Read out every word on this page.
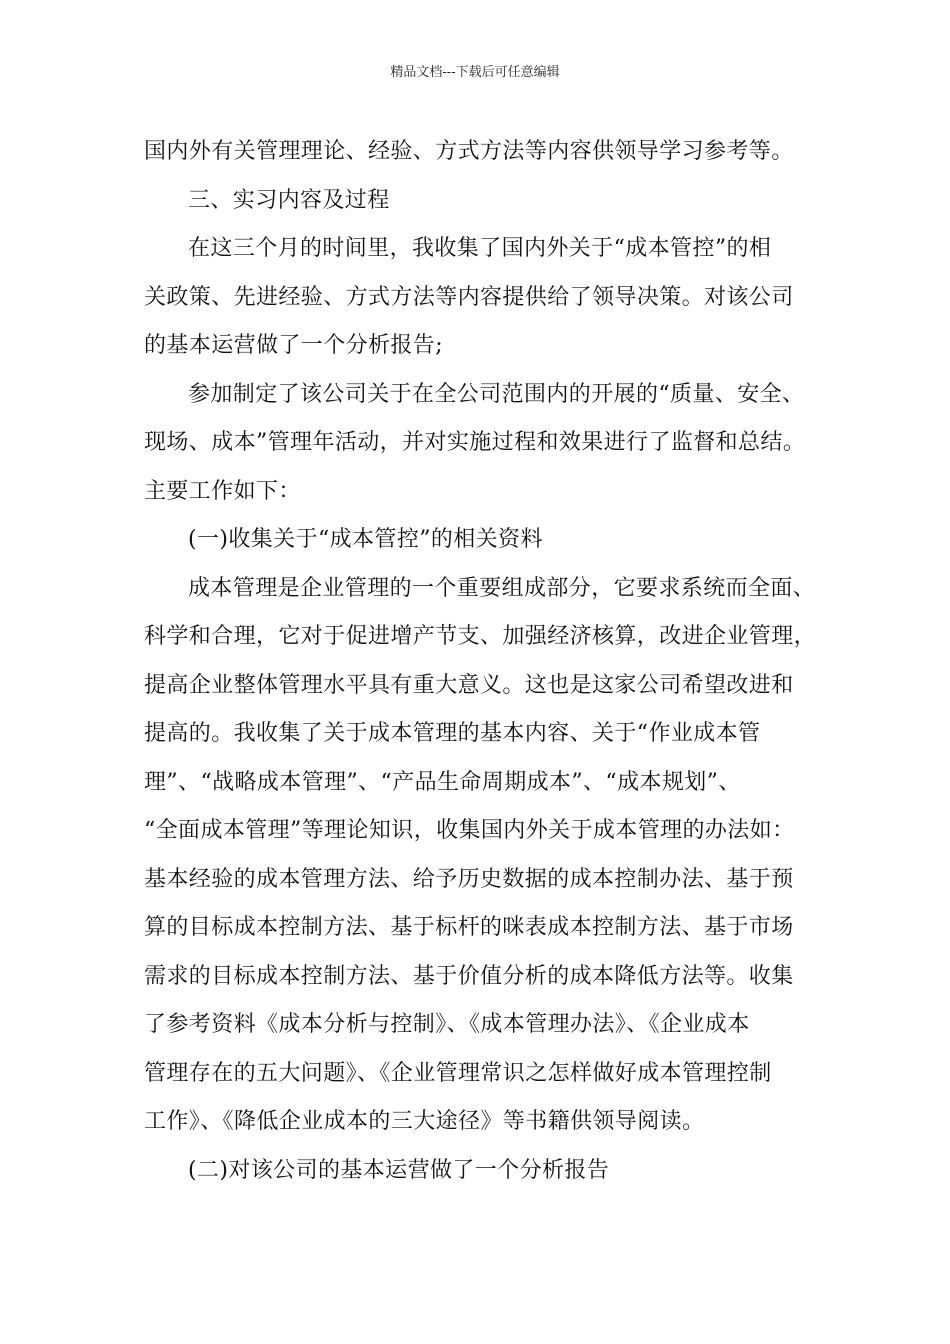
精品文档---下载后可任意编辑
国内外有关管理理论、经验、方式方法等内容供领导学习参考等。
三、实习内容及过程
在这三个月的时间里，我收集了国内外关于“成本管控”的相
关政策、先进经验、方式方法等内容提供给了领导决策。对该公司
的基本运营做了一个分析报告;
参加制定了该公司关于在全公司范围内的开展的“质量、安全、
现场、成本”管理年活动，并对实施过程和效果进行了监督和总结。
主要工作如下：
(一)收集关于“成本管控”的相关资料
成本管理是企业管理的一个重要组成部分，它要求系统而全面、
科学和合理，它对于促进增产节支、加强经济核算，改进企业管理，
提高企业整体管理水平具有重大意义。这也是这家公司希望改进和
提高的。我收集了关于成本管理的基本内容、关于“作业成本管
理”、“战略成本管理”、“产品生命周期成本”、“成本规划”、
“全面成本管理”等理论知识，收集国内外关于成本管理的办法如：
基本经验的成本管理方法、给予历史数据的成本控制办法、基于预
算的目标成本控制方法、基于标杆的咪表成本控制方法、基于市场
需求的目标成本控制方法、基于价值分析的成本降低方法等。收集
了参考资料《成本分析与控制》、《成本管理办法》、《企业成本
管理存在的五大问题》、《企业管理常识之怎样做好成本管理控制
工作》、《降低企业成本的三大途径》等书籍供领导阅读。
(二)对该公司的基本运营做了一个分析报告
